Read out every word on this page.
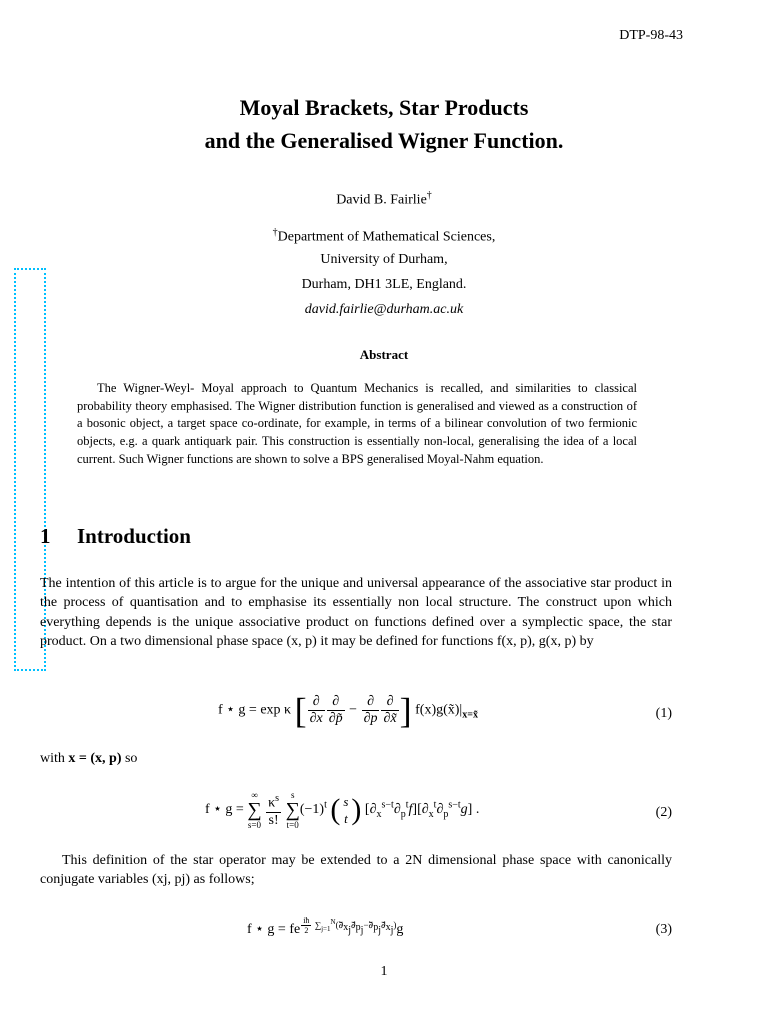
DTP-98-43
Moyal Brackets, Star Products
and the Generalised Wigner Function.
David B. Fairlie†
†Department of Mathematical Sciences,
University of Durham,
Durham, DH1 3LE, England.
david.fairlie@durham.ac.uk
Abstract
The Wigner-Weyl- Moyal approach to Quantum Mechanics is recalled, and similarities to classical probability theory emphasised. The Wigner distribution function is generalised and viewed as a construction of a bosonic object, a target space co-ordinate, for example, in terms of a bilinear convolution of two fermionic objects, e.g. a quark antiquark pair. This construction is essentially non-local, generalising the idea of a local current. Such Wigner functions are shown to solve a BPS generalised Moyal-Nahm equation.
1 Introduction
The intention of this article is to argue for the unique and universal appearance of the associative star product in the process of quantisation and to emphasise its essentially non local structure. The construct upon which everything depends is the unique associative product on functions defined over a symplectic space, the star product. On a two dimensional phase space (x, p) it may be defined for functions f(x, p), g(x, p) by
f ⋆ g = exp κ [ $\frac{\partial}{\partial x} \frac{\partial}{\partial p̃} - \frac{\partial}{\partial p} \frac{\partial}{\partial x̃}$ ] $f(x)g(x̃)|_{x=x̃}$	(1)
with x = (x, p) so
f ⋆ g =
∞
∑
s=0
$\frac{\kappa^s}{s!}$
	s
∑
t=0
$(-1)^t$ ( s
t ) $[\partial_x^{s-t}\partial_p^tf][\partial_x^t\partial_p^{s-t}g]$ .	(2)
This definition of the star operator may be extended to a 2N dimensional phase space with canonically conjugate variables (xj, pj) as follows;
f ⋆ g = fe $^{\frac{iħ}{2} \sum_{j=1}^N(\partial⃖_{x_j}\partial⃗_{p_j}-\partial⃖_{p_j}\partial⃗_{x_j})}$g	(3)
1
